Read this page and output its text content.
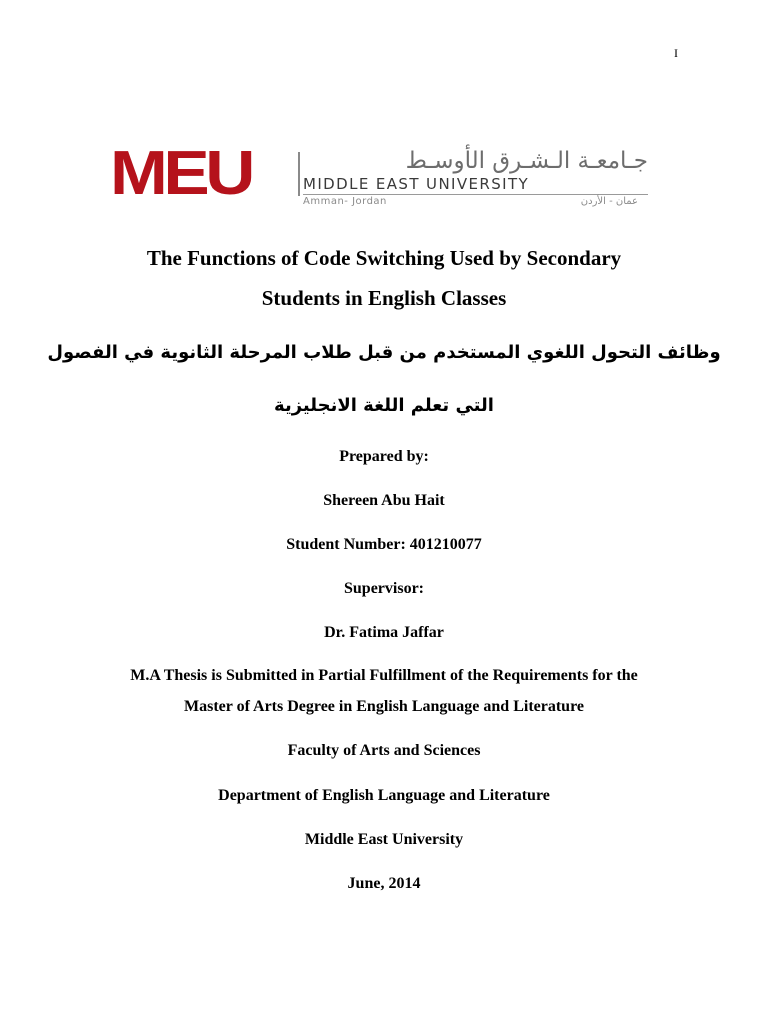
I
MEU	جـامعـة الـشـرق الأوسـط
MIDDLE EAST UNIVERSITY
Amman- Jordan	عمان - الأردن
The Functions of Code Switching Used by Secondary
Students in English Classes
وظائف التحول اللغوي المستخدم من قبل طلاب المرحلة الثانوية في الفصول
التي تعلم اللغة الانجليزية
Prepared by:
Shereen Abu Hait
Student Number: 401210077
Supervisor:
Dr. Fatima Jaffar
M.A Thesis is Submitted in Partial Fulfillment of the Requirements for the
Master of Arts Degree in English Language and Literature
Faculty of Arts and Sciences
Department of English Language and Literature
Middle East University
June, 2014
